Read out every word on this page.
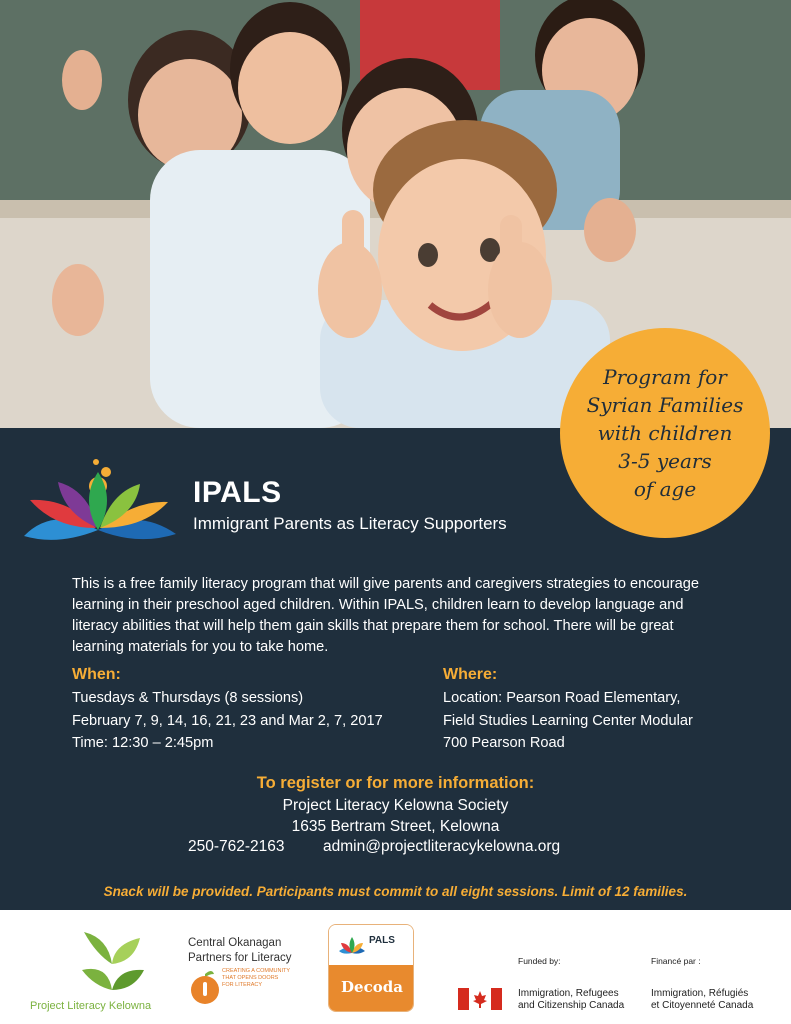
Program for
Syrian Families
with children
3-5 years
of age
IPALS
Immigrant Parents as Literacy Supporters
This is a free family literacy program that will give parents and caregivers strategies to encourage learning in their preschool aged children. Within IPALS, children learn to develop language and literacy abilities that will help them gain skills that prepare them for school. There will be great learning materials for you to take home.
When:
Tuesdays & Thursdays (8 sessions)
February 7, 9, 14, 16, 21, 23 and Mar 2, 7, 2017
Time: 12:30 – 2:45pm
Where:
Location: Pearson Road Elementary,
Field Studies Learning Center Modular
700 Pearson Road
To register or for more information:
Project Literacy Kelowna Society
1635 Bertram Street, Kelowna
250-762-2163 admin@projectliteracykelowna.org
Snack will be provided. Participants must commit to all eight sessions. Limit of 12 families.
Project Literacy Kelowna
Central Okanagan
Partners for Literacy
CREATING A COMMUNITY
THAT OPENS DOORS
FOR LITERACY
PALS
Decoda
Funded by:	Financé par :
Immigration, Refugees
and Citizenship Canada
Immigration, Réfugiés
et Citoyenneté Canada
